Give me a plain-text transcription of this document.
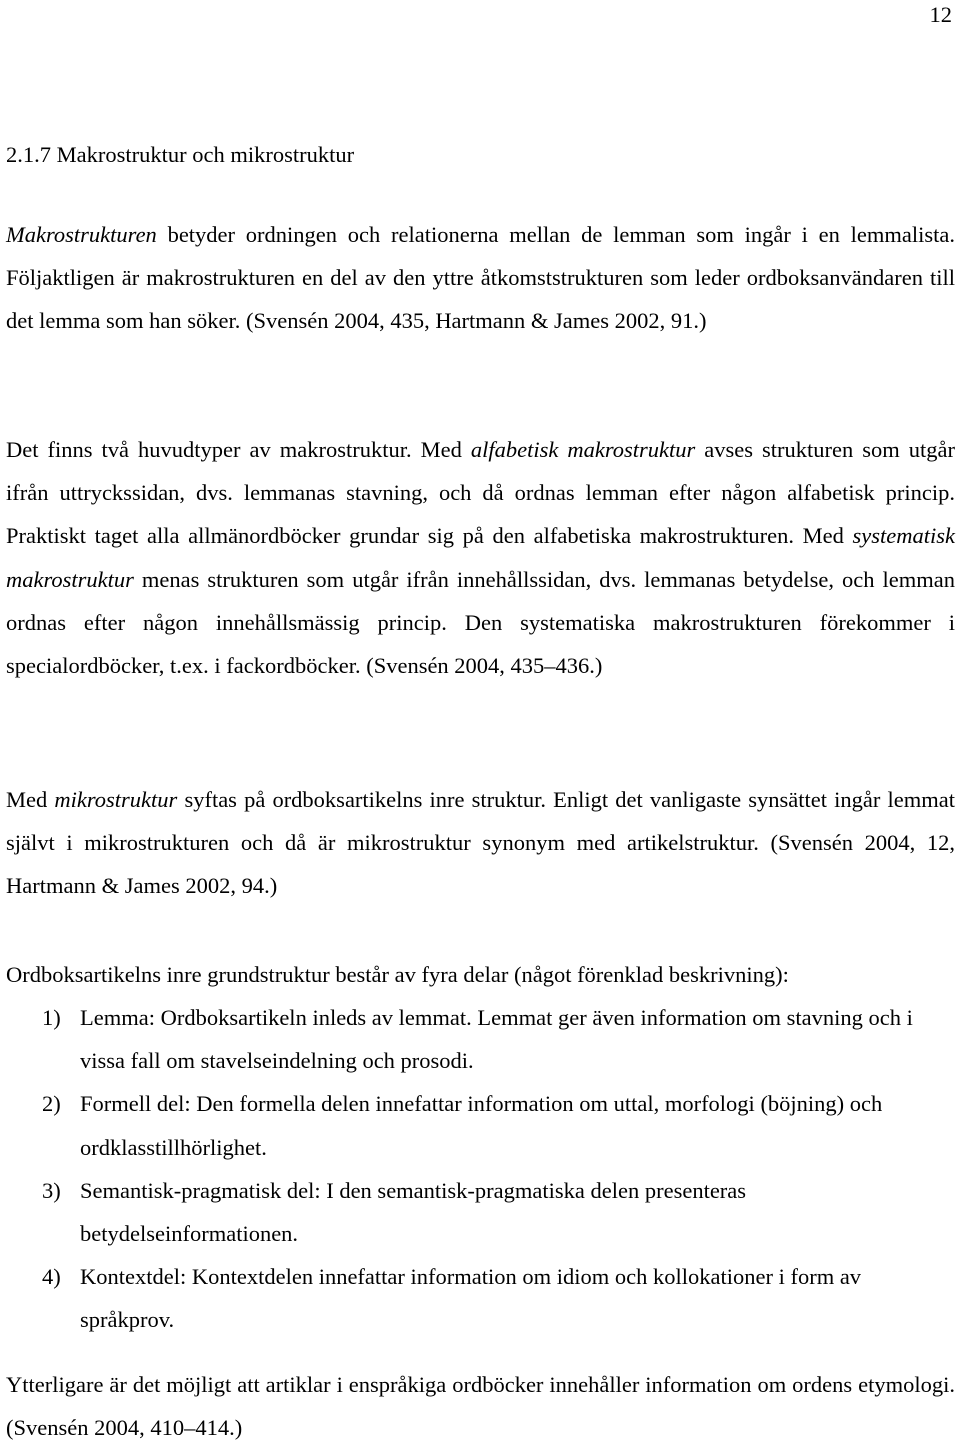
12
2.1.7 Makrostruktur och mikrostruktur

Makrostrukturen betyder ordningen och relationerna mellan de lemman som ingår i en lemmalista. Följaktligen är makrostrukturen en del av den yttre åtkomststrukturen som leder ordboksanvändaren till det lemma som han söker. (Svensén 2004, 435, Hartmann & James 2002, 91.)

Det finns två huvudtyper av makrostruktur. Med alfabetisk makrostruktur avses strukturen som utgår ifrån uttryckssidan, dvs. lemmanas stavning, och då ordnas lemman efter någon alfabetisk princip. Praktiskt taget alla allmänordböcker grundar sig på den alfabetiska makrostrukturen. Med systematisk makrostruktur menas strukturen som utgår ifrån innehållssidan, dvs. lemmanas betydelse, och lemman ordnas efter någon innehållsmässig princip. Den systematiska makrostrukturen förekommer i specialordböcker, t.ex. i fackordböcker. (Svensén 2004, 435–436.)

Med mikrostruktur syftas på ordboksartikelns inre struktur. Enligt det vanligaste synsättet ingår lemmat självt i mikrostrukturen och då är mikrostruktur synonym med artikelstruktur. (Svensén 2004, 12, Hartmann & James 2002, 94.)

Ordboksartikelns inre grundstruktur består av fyra delar (något förenklad beskrivning):

1) Lemma: Ordboksartikeln inleds av lemmat. Lemmat ger även information om stavning och i vissa fall om stavelseindelning och prosodi.
2) Formell del: Den formella delen innefattar information om uttal, morfologi (böjning) och ordklasstillhörlighet.
3) Semantisk-pragmatisk del: I den semantisk-pragmatiska delen presenteras betydelseinformationen.
4) Kontextdel: Kontextdelen innefattar information om idiom och kollokationer i form av språkprov.

Ytterligare är det möjligt att artiklar i enspråkiga ordböcker innehåller information om ordens etymologi. (Svensén 2004, 410–414.)
